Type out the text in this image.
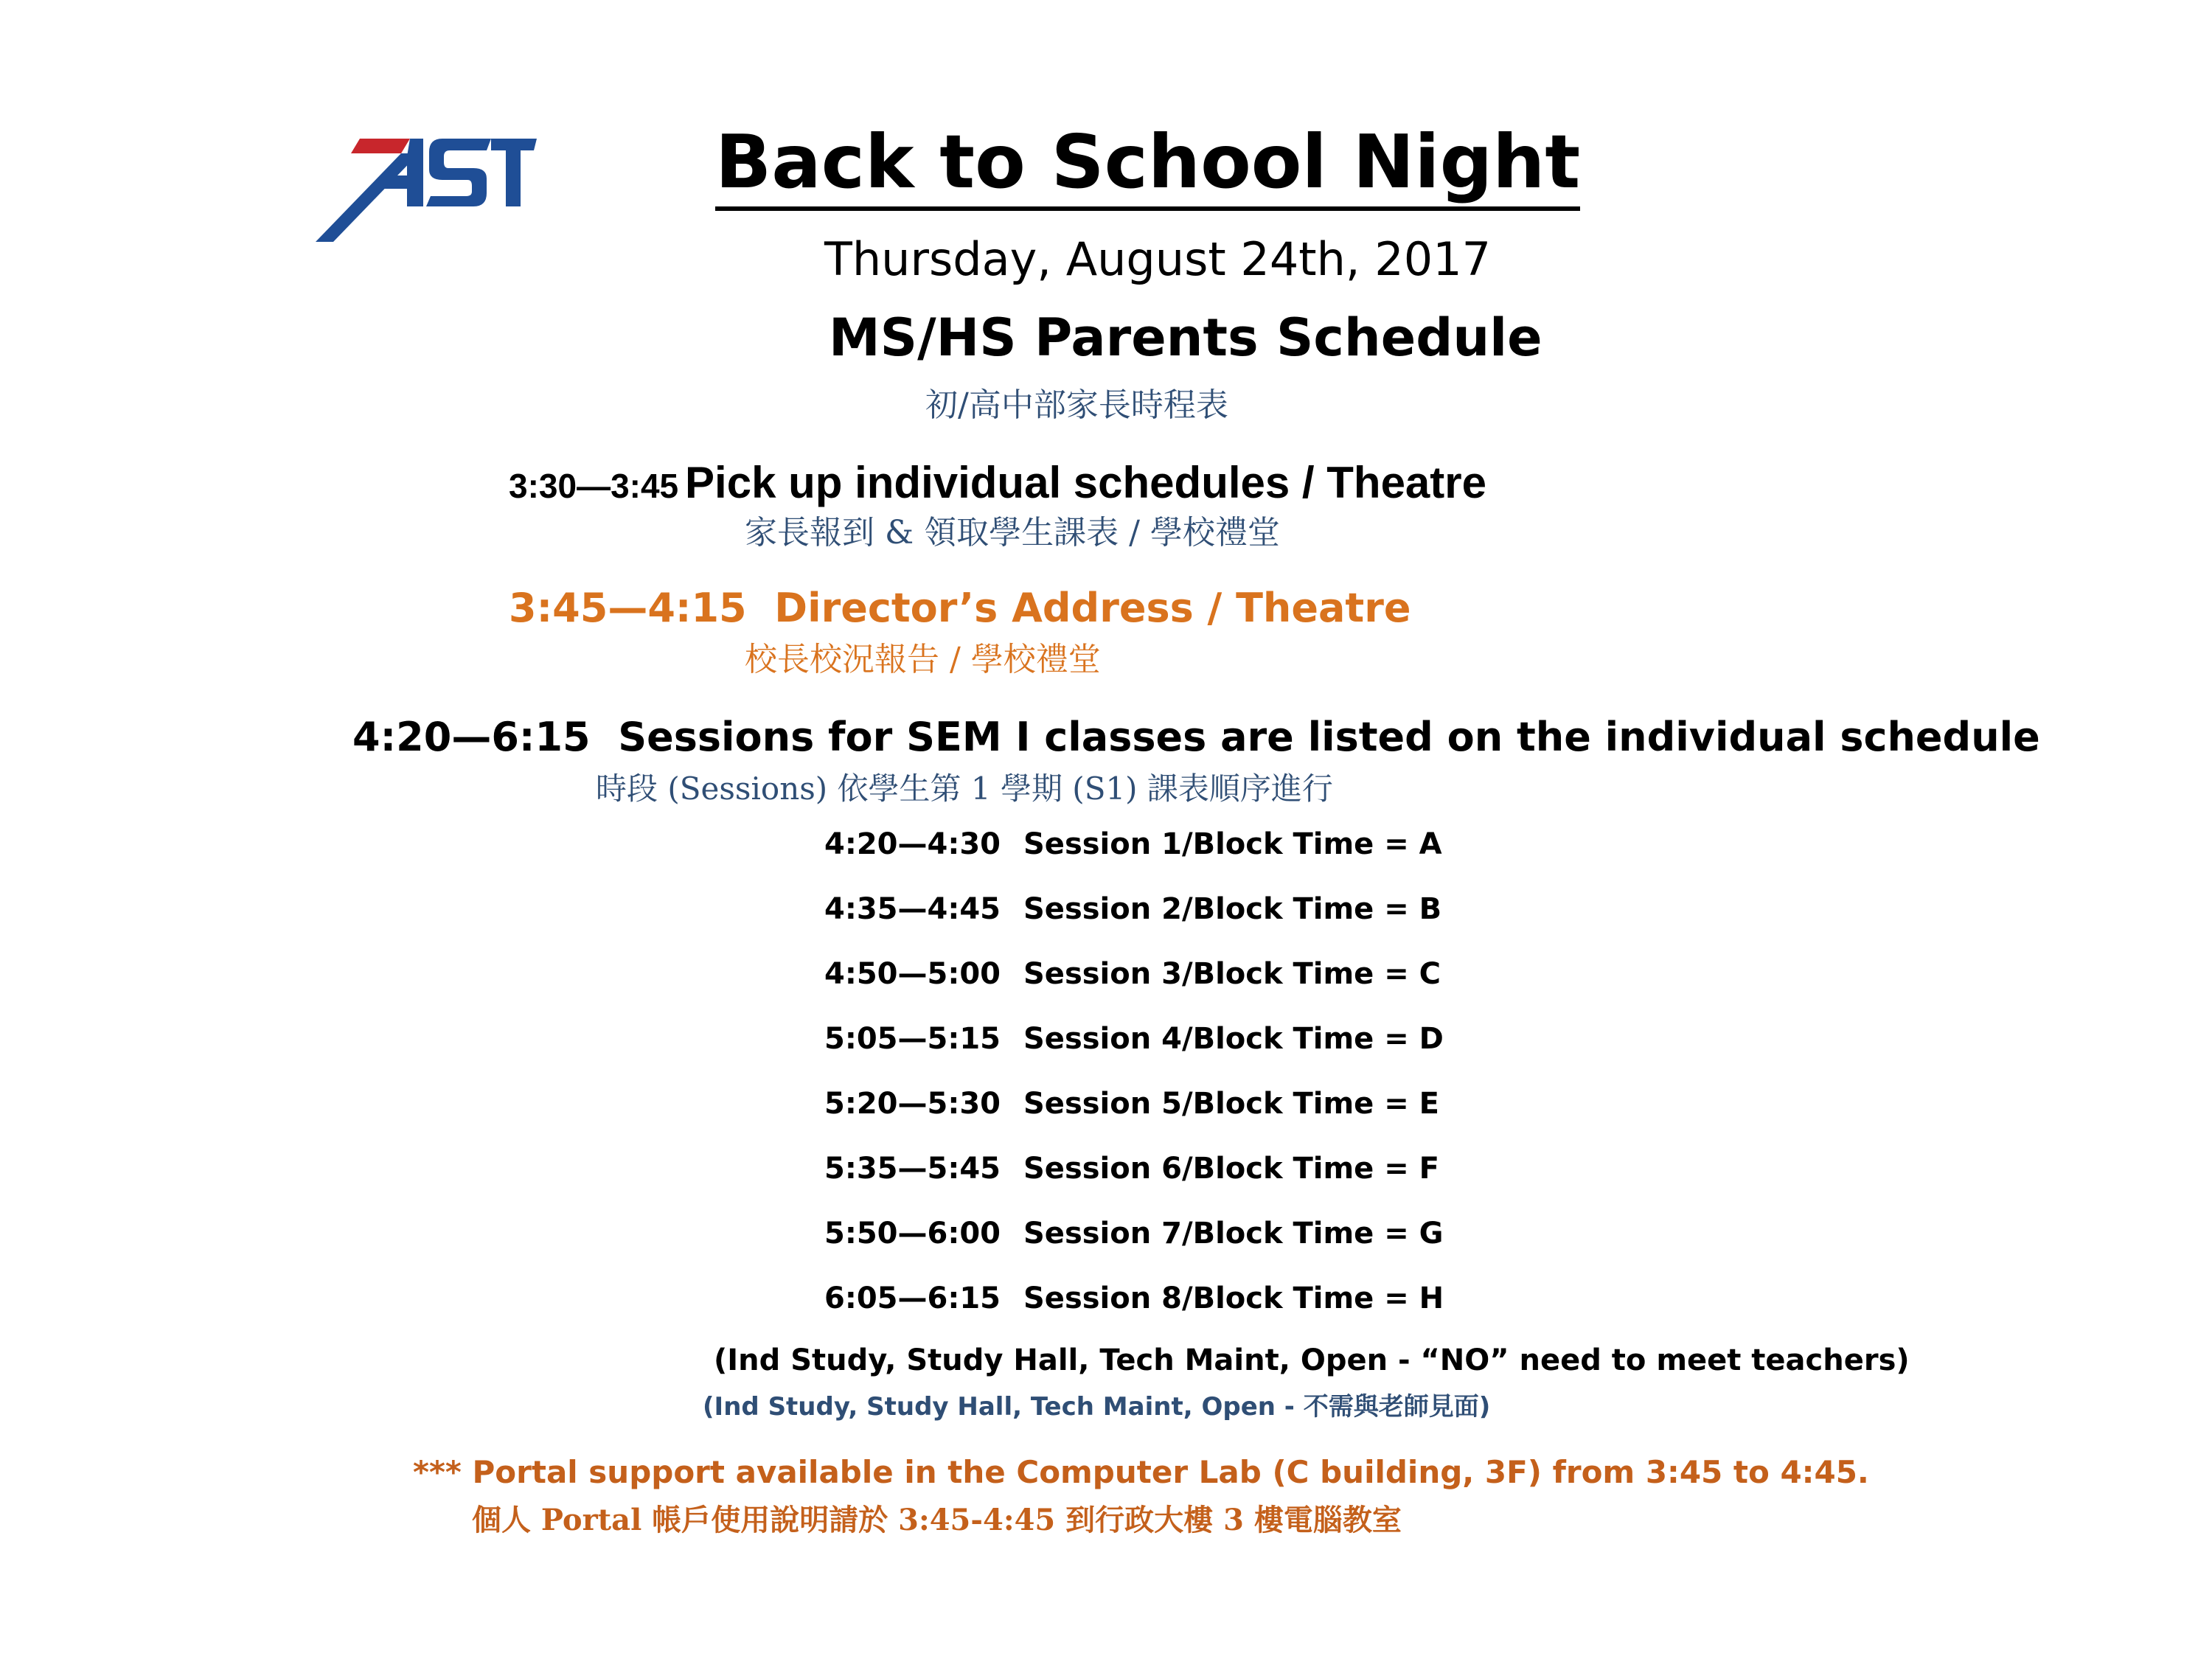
Back to School Night
Thursday, August 24th, 2017
MS/HS Parents Schedule
初/高中部家長時程表
3:30—3:45 Pick up individual schedules / Theatre
家長報到 & 領取學生課表 / 學校禮堂
3:45—4:15 Director’s Address / Theatre
校長校況報告 / 學校禮堂
4:20—6:15 Sessions for SEM I classes are listed on the individual schedule
時段 (Sessions) 依學生第 1 學期 (S1) 課表順序進行
4:20—4:30 Session 1/Block Time = A
4:35—4:45 Session 2/Block Time = B
4:50—5:00 Session 3/Block Time = C
5:05—5:15 Session 4/Block Time = D
5:20—5:30 Session 5/Block Time = E
5:35—5:45 Session 6/Block Time = F
5:50—6:00 Session 7/Block Time = G
6:05—6:15 Session 8/Block Time = H
(Ind Study, Study Hall, Tech Maint, Open - “NO” need to meet teachers)
(Ind Study, Study Hall, Tech Maint, Open - 不需與老師見面)
*** Portal support available in the Computer Lab (C building, 3F) from 3:45 to 4:45.
個人 Portal 帳戶使用說明請於 3:45-4:45 到行政大樓 3 樓電腦教室
